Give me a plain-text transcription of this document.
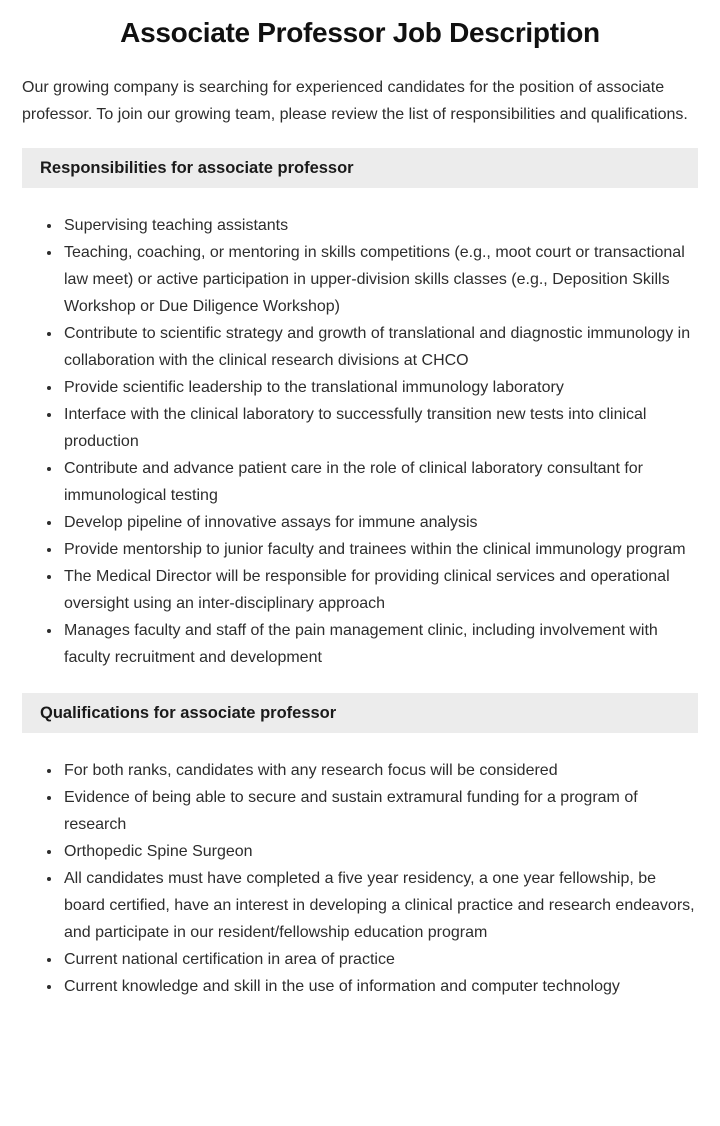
Associate Professor Job Description

Our growing company is searching for experienced candidates for the position of associate professor. To join our growing team, please review the list of responsibilities and qualifications.

Responsibilities for associate professor
• Supervising teaching assistants
• Teaching, coaching, or mentoring in skills competitions (e.g., moot court or transactional law meet) or active participation in upper-division skills classes (e.g., Deposition Skills Workshop or Due Diligence Workshop)
• Contribute to scientific strategy and growth of translational and diagnostic immunology in collaboration with the clinical research divisions at CHCO
• Provide scientific leadership to the translational immunology laboratory
• Interface with the clinical laboratory to successfully transition new tests into clinical production
• Contribute and advance patient care in the role of clinical laboratory consultant for immunological testing
• Develop pipeline of innovative assays for immune analysis
• Provide mentorship to junior faculty and trainees within the clinical immunology program
• The Medical Director will be responsible for providing clinical services and operational oversight using an inter-disciplinary approach
• Manages faculty and staff of the pain management clinic, including involvement with faculty recruitment and development
Qualifications for associate professor
• For both ranks, candidates with any research focus will be considered
• Evidence of being able to secure and sustain extramural funding for a program of research
• Orthopedic Spine Surgeon
• All candidates must have completed a five year residency, a one year fellowship, be board certified, have an interest in developing a clinical practice and research endeavors, and participate in our resident/fellowship education program
• Current national certification in area of practice
• Current knowledge and skill in the use of information and computer technology
